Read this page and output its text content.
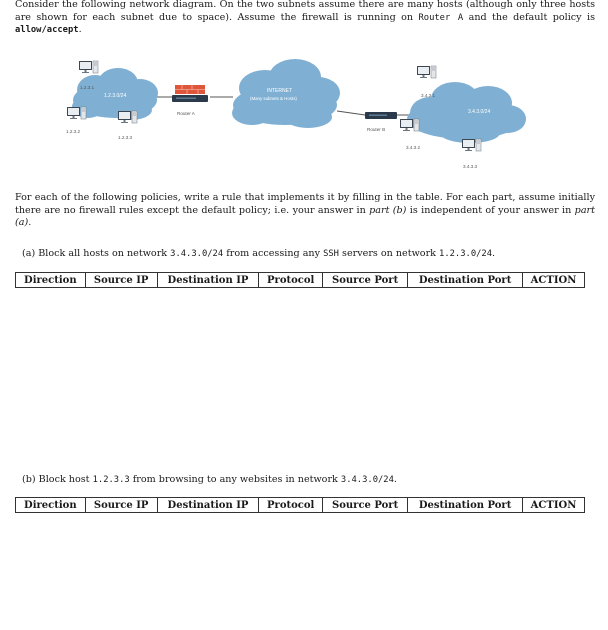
Consider the following network diagram. On the two subnets assume there are many hosts (although only three hosts are shown for each subnet due to space). Assume the firewall is running on Router A and the default policy is allow/accept.
1.2.3.0/24
1.2.3.1
1.2.3.2
1.2.3.3
Router A
INTERNET
(Many subnets & Hosts)
Router B
3.4.3.0/24
3.4.3.1
3.4.3.2
3.4.3.3
For each of the following policies, write a rule that implements it by filling in the table. For each part, assume initially there are no firewall rules except the default policy; i.e. your answer in part (b) is independent of your answer in part (a).
(a) Block all hosts on network 3.4.3.0/24 from accessing any SSH servers on network 1.2.3.0/24.
Direction	Source IP	Destination IP	Protocol	Source Port	Destination Port	ACTION
(b) Block host 1.2.3.3 from browsing to any websites in network 3.4.3.0/24.
Direction	Source IP	Destination IP	Protocol	Source Port	Destination Port	ACTION
